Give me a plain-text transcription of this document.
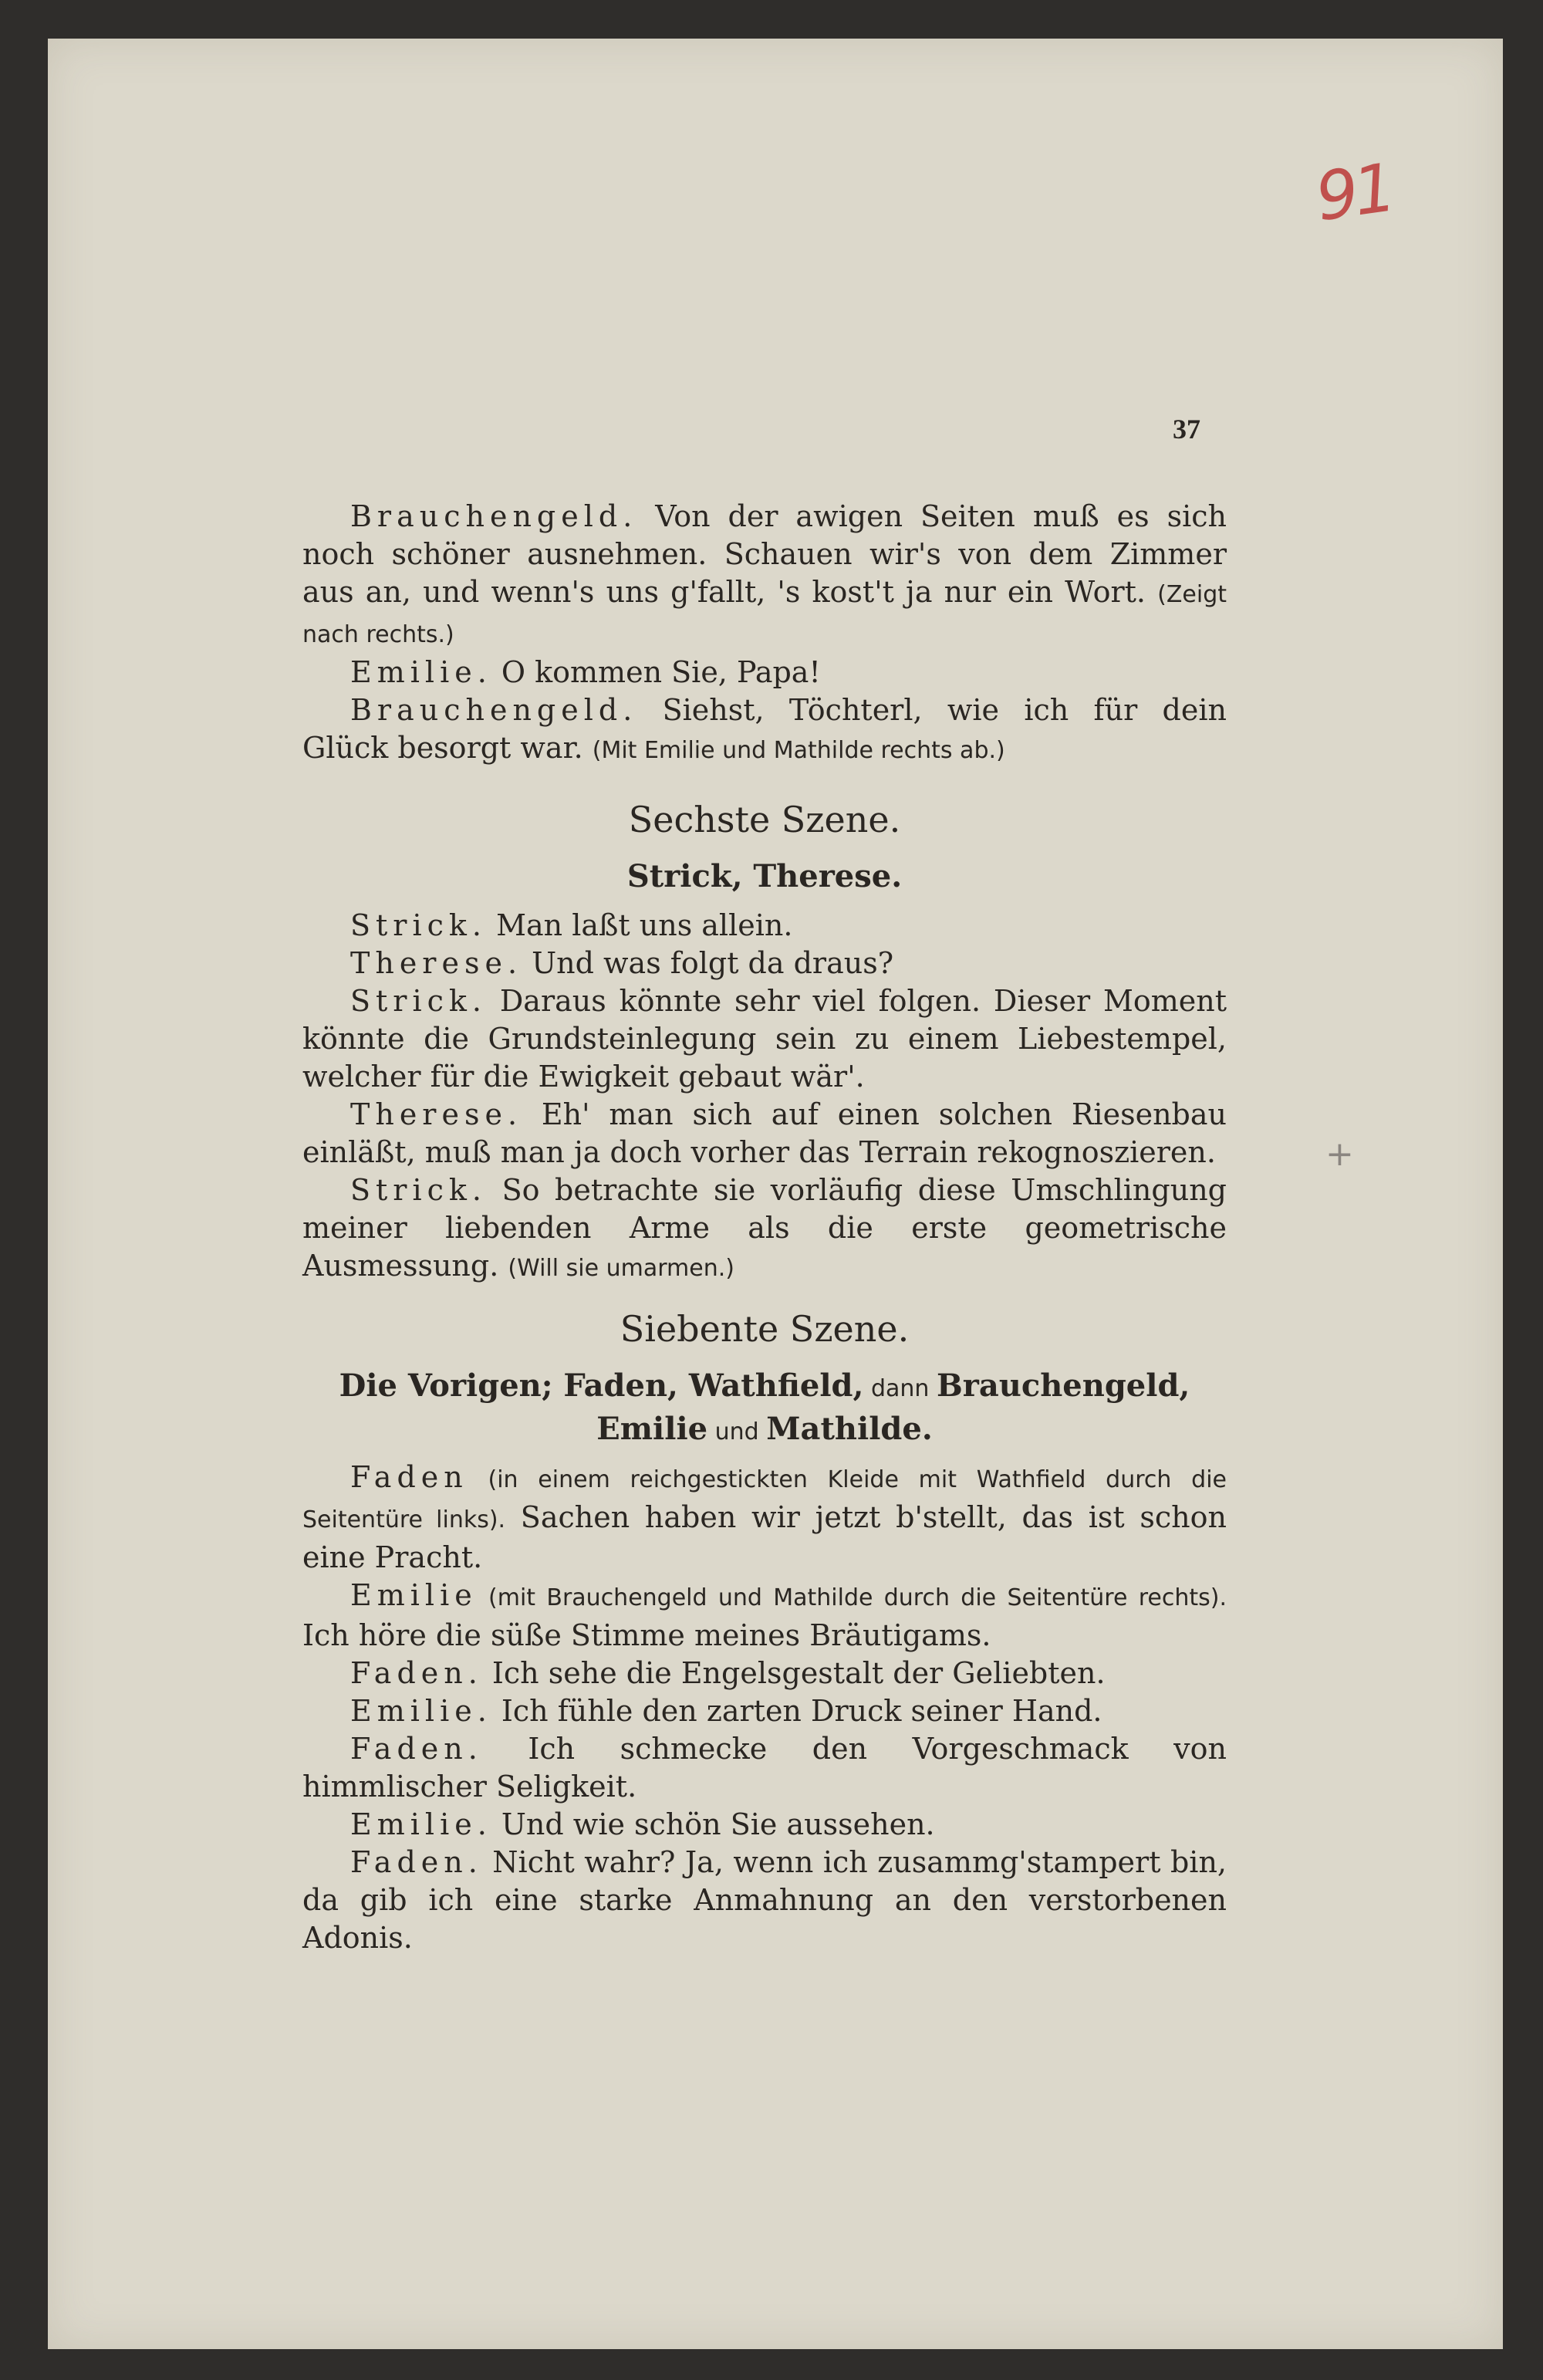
91
+
37

Brauchengeld. Von der awigen Seiten muß es sich noch schöner ausnehmen. Schauen wir's von dem Zimmer aus an, und wenn's uns g'fallt, 's kost't ja nur ein Wort. (Zeigt nach rechts.)

Emilie. O kommen Sie, Papa!

Brauchengeld. Siehst, Töchterl, wie ich für dein Glück besorgt war. (Mit Emilie und Mathilde rechts ab.)

Sechste Szene.
Strick, Therese.

Strick. Man laßt uns allein.

Therese. Und was folgt da draus?

Strick. Daraus könnte sehr viel folgen. Dieser Moment könnte die Grundsteinlegung sein zu einem Liebestempel, welcher für die Ewigkeit gebaut wär'.

Therese. Eh' man sich auf einen solchen Riesenbau einläßt, muß man ja doch vorher das Terrain rekognoszieren.

Strick. So betrachte sie vorläufig diese Umschlingung meiner liebenden Arme als die erste geometrische Ausmessung. (Will sie umarmen.)

Siebente Szene.
Die Vorigen; Faden, Wathfield, dann Brauchengeld,
Emilie und Mathilde.

Faden (in einem reichgestickten Kleide mit Wathfield durch die Seitentüre links). Sachen haben wir jetzt b'stellt, das ist schon eine Pracht.

Emilie (mit Brauchengeld und Mathilde durch die Seitentüre rechts). Ich höre die süße Stimme meines Bräutigams.

Faden. Ich sehe die Engelsgestalt der Geliebten.

Emilie. Ich fühle den zarten Druck seiner Hand.

Faden. Ich schmecke den Vorgeschmack von himmlischer Seligkeit.

Emilie. Und wie schön Sie aussehen.

Faden. Nicht wahr? Ja, wenn ich zusammg'stampert bin, da gib ich eine starke Anmahnung an den verstorbenen Adonis.
